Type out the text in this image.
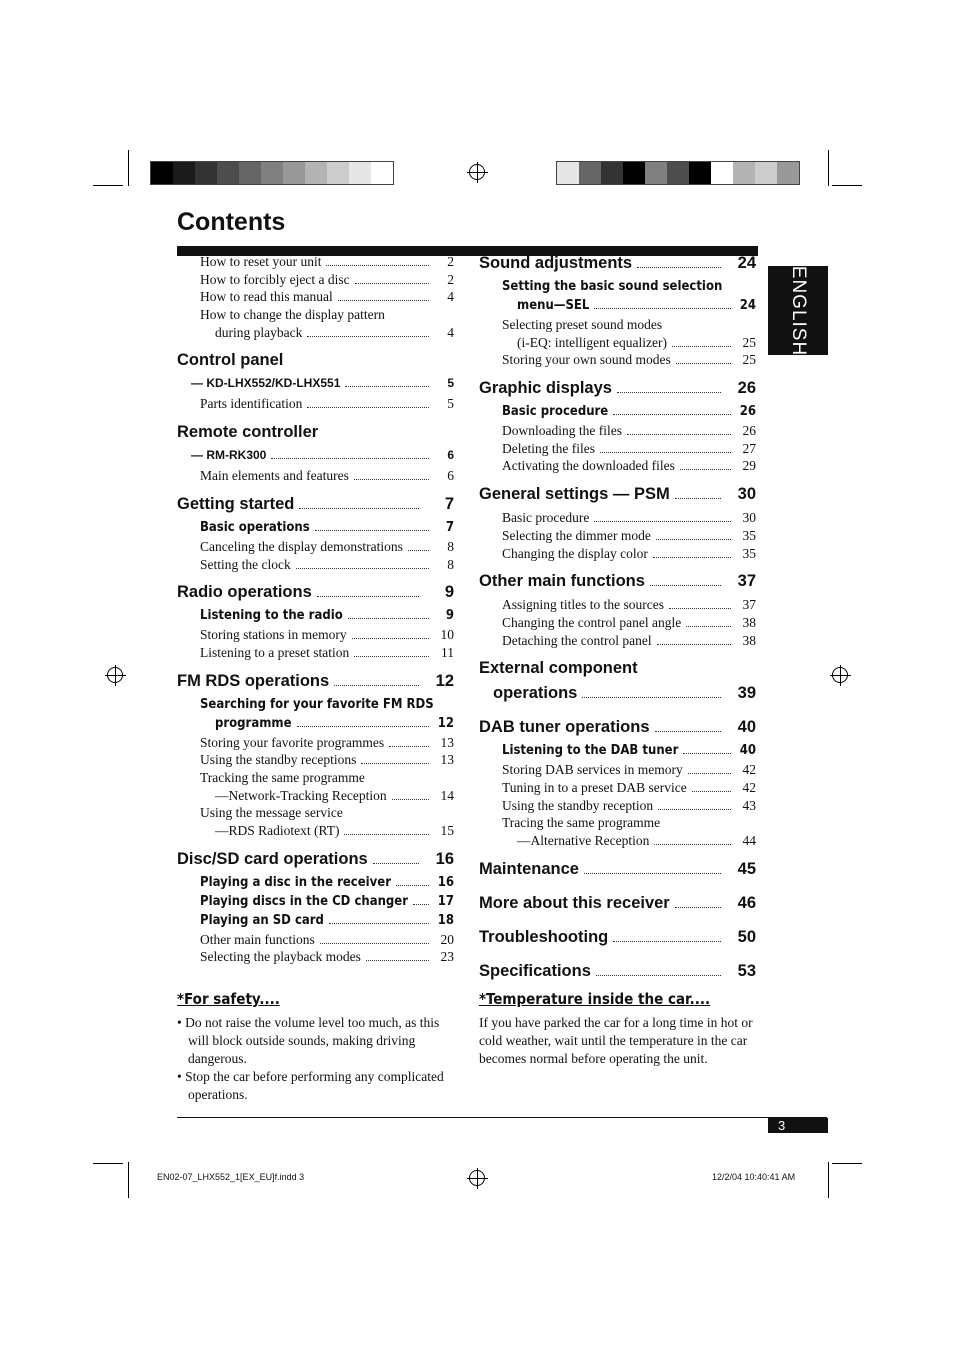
Contents
ENGLISH
How to reset your unit	2
How to forcibly eject a disc	2
How to read this manual	4
How to change the display pattern
during playback	4
Control panel
— KD-LHX552/KD-LHX551	5
Parts identification	5
Remote controller
— RM-RK300	6
Main elements and features	6
Getting started	7
Basic operations	7
Canceling the display demonstrations	8
Setting the clock	8
Radio operations	9
Listening to the radio	9
Storing stations in memory	10
Listening to a preset station	11
FM RDS operations	12
Searching for your favorite FM RDS
programme	12
Storing your favorite programmes	13
Using the standby receptions	13
Tracking the same programme
—Network-Tracking Reception	14
Using the message service
—RDS Radiotext (RT)	15
Disc/SD card operations	16
Playing a disc in the receiver	16
Playing discs in the CD changer 17
Playing an SD card	18
Other main functions	20
Selecting the playback modes	23
Sound adjustments	24
Setting the basic sound selection
menu—SEL	24
Selecting preset sound modes
(i-EQ: intelligent equalizer)	25
Storing your own sound modes	25
Graphic displays	26
Basic procedure	26
Downloading the files	26
Deleting the files	27
Activating the downloaded files	29
General settings — PSM	30
Basic procedure	30
Selecting the dimmer mode	35
Changing the display color	35
Other main functions	37
Assigning titles to the sources	37
Changing the control panel angle	38
Detaching the control panel	38
External component
operations	39
DAB tuner operations	40
Listening to the DAB tuner	40
Storing DAB services in memory	42
Tuning in to a preset DAB service	42
Using the standby reception	43
Tracing the same programme
—Alternative Reception	44
Maintenance	45
More about this receiver	46
Troubleshooting	50
Specifications	53
*For safety....
• Do not raise the volume level too much, as this will block outside sounds, making driving dangerous.
• Stop the car before performing any complicated operations.
*Temperature inside the car....
If you have parked the car for a long time in hot or cold weather, wait until the temperature in the car becomes normal before operating the unit.
3
EN02-07_LHX552_1[EX_EU]f.indd 3	12/2/04 10:40:41 AM
